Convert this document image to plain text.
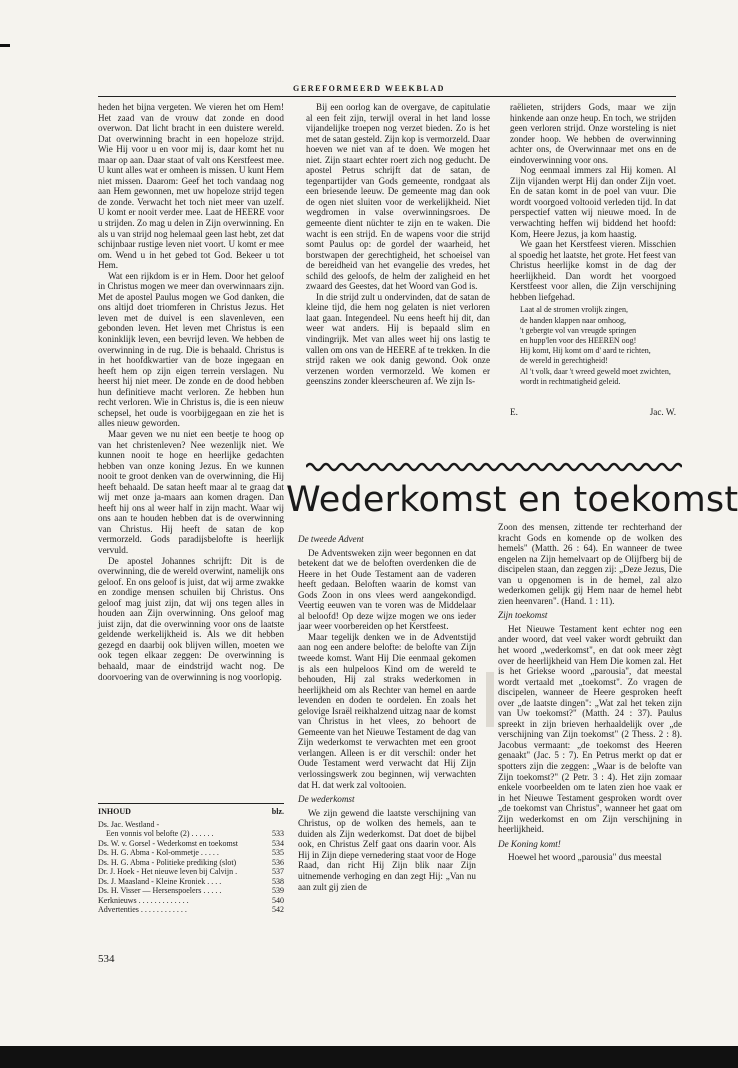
GEREFORMEERD WEEKBLAD

heden het bijna vergeten. We vieren het om Hem! Het zaad van de vrouw dat zonde en dood overwon. Dat licht bracht in een duistere wereld. Dat overwinning bracht in een hopeloze strijd. Wie Hij voor u en voor mij is, daar komt het nu maar op aan. Daar staat of valt ons Kerstfeest mee. U kunt alles wat er omheen is missen. U kunt Hem niet missen. Daarom: Geef het toch vandaag nog aan Hem gewonnen, met uw hopeloze strijd tegen de zonde. Verwacht het toch niet meer van uzelf. U komt er nooit verder mee. Laat de HEERE voor u strijden. Zo mag u delen in Zijn overwinning. En als u van strijd nog helemaal geen last hebt, zet dat schijnbaar rustige leven niet voort. U komt er mee om. Wend u in het gebed tot God. Bekeer u tot Hem.

Wat een rijkdom is er in Hem. Door het geloof in Christus mogen we meer dan overwinnaars zijn. Met de apostel Paulus mogen we God danken, die ons altijd doet triomferen in Christus Jezus. Het leven met de duivel is een slavenleven, een gebonden leven. Het leven met Christus is een koninklijk leven, een bevrijd leven. We hebben de overwinning in de rug. Die is behaald. Christus is in het hoofdkwartier van de boze ingegaan en heeft hem op zijn eigen terrein verslagen. Nu heerst hij niet meer. De zonde en de dood hebben hun definitieve macht verloren. Ze hebben hun recht verloren. Wie in Christus is, die is een nieuw schepsel, het oude is voorbijgegaan en zie het is alles nieuw geworden.

Maar geven we nu niet een beetje te hoog op van het christenleven? Nee wezenlijk niet. We kunnen nooit te hoge en heerlijke gedachten hebben van onze koning Jezus. En we kunnen nooit te groot denken van de overwinning, die Hij heeft behaald. De satan heeft maar al te graag dat wij met onze ja-maars aan komen dragen. Dan heeft hij ons al weer half in zijn macht. Waar wij ons aan te houden hebben dat is de overwinning van Christus. Hij heeft de satan de kop vermorzeld. Gods paradijsbelofte is heerlijk vervuld.

De apostel Johannes schrijft: Dit is de overwinning, die de wereld overwint, namelijk ons geloof. En ons geloof is juist, dat wij arme zwakke en zondige mensen schuilen bij Christus. Ons geloof mag juist zijn, dat wij ons tegen alles in houden aan Zijn overwinning. Ons geloof mag juist zijn, dat die overwinning voor ons de laatste geldende werkelijkheid is. Als we dit hebben gezegd en daarbij ook blijven willen, moeten we ook tegen elkaar zeggen: De overwinning is behaald, maar de eindstrijd wacht nog. De doorvoering van de overwinning is nog voorlopig.

Bij een oorlog kan de overgave, de capitulatie al een feit zijn, terwijl overal in het land losse vijandelijke troepen nog verzet bieden. Zo is het met de satan gesteld. Zijn kop is vermorzeld. Daar hoeven we niet van af te doen. We mogen het niet. Zijn staart echter roert zich nog geducht. De apostel Petrus schrijft dat de satan, de tegenpartijder van Gods gemeente, rondgaat als een briesende leeuw. De gemeente mag dan ook de ogen niet sluiten voor de werkelijkheid. Niet wegdromen in valse overwinningsroes. De gemeente dient nüchter te zijn en te waken. Die wacht is een strijd. En de wapens voor die strijd somt Paulus op: de gordel der waarheid, het borstwapen der gerechtigheid, het schoeisel van de bereidheid van het evangelie des vredes, het schild des geloofs, de helm der zaligheid en het zwaard des Geestes, dat het Woord van God is.

In die strijd zult u ondervinden, dat de satan de kleine tijd, die hem nog gelaten is niet verloren laat gaan. Integendeel. Nu eens heeft hij dit, dan weer wat anders. Hij is bepaald slim en vindingrijk. Met van alles weet hij ons lastig te vallen om ons van de HEERE af te trekken. In die strijd raken we ook danig gewond. Ook onze verzenen worden vermorzeld. We komen er geenszins zonder kleerscheuren af. We zijn Is-

raëlieten, strijders Gods, maar we zijn hinkende aan onze heup. En toch, we strijden geen verloren strijd. Onze worsteling is niet zonder hoop. We hebben de overwinning achter ons, de Overwinnaar met ons en de eindoverwinning voor ons.

Nog eenmaal immers zal Hij komen. Al Zijn vijanden werpt Hij dan onder Zijn voet. En de satan komt in de poel van vuur. Die wordt voorgoed voltooid verleden tijd. In dat perspectief vatten wij nieuwe moed. In de verwachting heffen wij biddend het hoofd: Kom, Heere Jezus, ja kom haastig.

We gaan het Kerstfeest vieren. Misschien al spoedig het laatste, het grote. Het feest van Christus heerlijke komst in de dag der heerlijkheid. Dan wordt het voorgoed Kerstfeest voor allen, die Zijn verschijning hebben liefgehad.

Laat al de stromen vrolijk zingen,
de handen klappen naar omhoog,
't gebergte vol van vreugde springen
en hupp'len voor des HEEREN oog!
Hij komt, Hij komt om d' aard te richten,
de wereld in gerechtigheid!
Al 't volk, daar 't wreed geweld moet zwichten,
wordt in rechtmatigheid geleid.
E.	Jac. W.
Wederkomst en toekomst

De tweede Advent

De Adventsweken zijn weer begonnen en dat betekent dat we de beloften overdenken die de Heere in het Oude Testament aan de vaderen heeft gedaan. Beloften waarin de komst van Gods Zoon in ons vlees werd aangekondigd. Veertig eeuwen van te voren was de Middelaar al beloofd! Op deze wijze mogen we ons ieder jaar weer voorbereiden op het Kerstfeest.

Maar tegelijk denken we in de Adventstijd aan nog een andere belofte: de belofte van Zijn tweede komst. Want Hij Die eenmaal gekomen is als een hulpeloos Kind om de wereld te behouden, Hij zal straks wederkomen in heerlijkheid om als Rechter van hemel en aarde levenden en doden te oordelen. En zoals het gelovige Israël reikhalzend uitzag naar de komst van Christus in het vlees, zo behoort de Gemeente van het Nieuwe Testament de dag van Zijn wederkomst te verwachten met een groot verlangen. Alleen is er dit verschil: onder het Oude Testament werd verwacht dat Hij Zijn verlossingswerk zou beginnen, wij verwachten dat H. dat werk zal voltooien.

De wederkomst

We zijn gewend die laatste verschijning van Christus, op de wolken des hemels, aan te duiden als Zijn wederkomst. Dat doet de bijbel ook, en Christus Zelf gaat ons daarin voor. Als Hij in Zijn diepe vernedering staat voor de Hoge Raad, dan richt Hij Zijn blik naar Zijn uitnemende verhoging en dan zegt Hij: „Van nu aan zult gij zien de

Zoon des mensen, zittende ter rechterhand der kracht Gods en komende op de wolken des hemels" (Matth. 26 : 64). En wanneer de twee engelen na Zijn hemelvaart op de Olijfberg bij de discipelen staan, dan zeggen zij: „Deze Jezus, Die van u opgenomen is in de hemel, zal alzo wederkomen gelijk gij Hem naar de hemel hebt zien heenvaren". (Hand. 1 : 11).

Zijn toekomst

Het Nieuwe Testament kent echter nog een ander woord, dat veel vaker wordt gebruikt dan het woord „wederkomst", en dat ook meer zègt over de heerlijkheid van Hem Die komen zal. Het is het Griekse woord „parousia", dat meestal wordt vertaald met „toekomst". Zo vragen de discipelen, wanneer de Heere gesproken heeft over „de laatste dingen": „Wat zal het teken zijn van Uw toekomst?" (Matth. 24 : 37). Paulus spreekt in zijn brieven herhaaldelijk over „de verschijning van Zijn toekomst" (2 Thess. 2 : 8). Jacobus vermaant: „de toekomst des Heeren genaakt" (Jac. 5 : 7). En Petrus merkt op dat er spotters zijn die zeggen: „Waar is de belofte van Zijn toekomst?" (2 Petr. 3 : 4). Het zijn zomaar enkele voorbeelden om te laten zien hoe vaak er in het Nieuwe Testament gesproken wordt over „de toekomst van Christus", wanneer het gaat om Zijn wederkomst en om Zijn verschijning in heerlijkheid.

De Koning komt!

Hoewel het woord „parousia" dus meestal

INHOUD	blz.
Ds. Jac. Westland -
Een vonnis vol belofte (2) . . . . . .	533
Ds. W. v. Gorsel - Wederkomst en toekomst	534
Ds. H. G. Abma - Kol-ommetje . . . . .	535
Ds. H. G. Abma - Politieke prediking (slot)	536
Dr. J. Hoek - Het nieuwe leven bij Calvijn .	537
Ds. J. Maasland - Kleine Kroniek . . . .	538
Ds. H. Visser — Hersenspoelers . . . . .	539
Kerknieuws . . . . . . . . . . . . .	540
Advertenties . . . . . . . . . . . .	542
534
